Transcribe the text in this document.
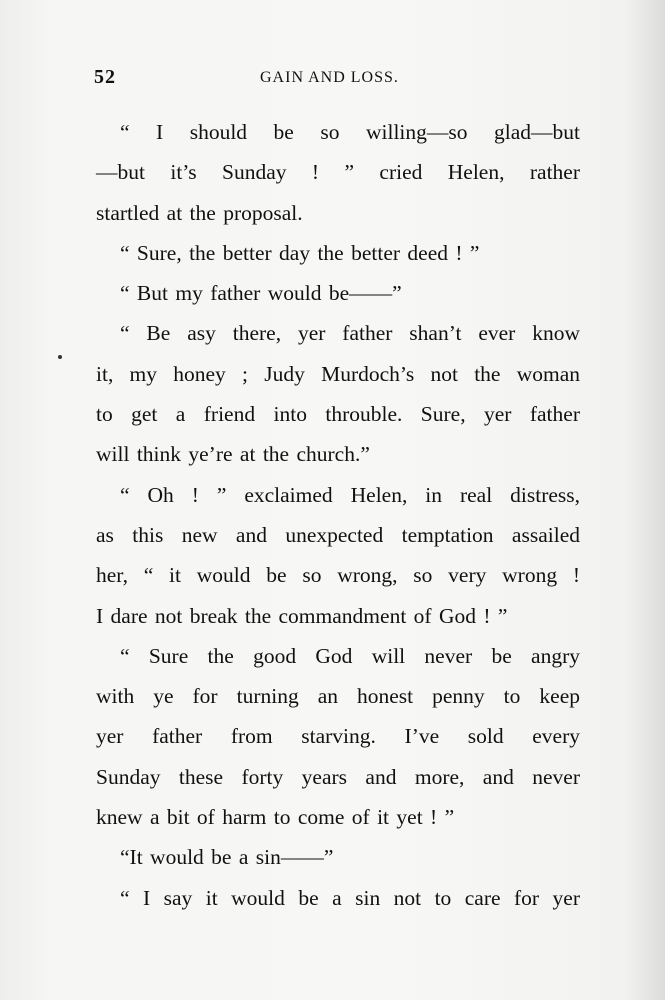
52	GAIN AND LOSS.
“ I should be so willing—so glad—but
—but it’s Sunday ! ” cried Helen, rather
startled at the proposal.
“ Sure, the better day the better deed ! ”
“ But my father would be——”
“ Be asy there, yer father shan’t ever know
it, my honey ; Judy Murdoch’s not the woman
to get a friend into throuble. Sure, yer father
will think ye’re at the church.”
“ Oh ! ” exclaimed Helen, in real distress,
as this new and unexpected temptation assailed
her, “ it would be so wrong, so very wrong !
I dare not break the commandment of God ! ”
“ Sure the good God will never be angry
with ye for turning an honest penny to keep
yer father from starving. I’ve sold every
Sunday these forty years and more, and never
knew a bit of harm to come of it yet ! ”
“It would be a sin——”
“ I say it would be a sin not to care for yer
